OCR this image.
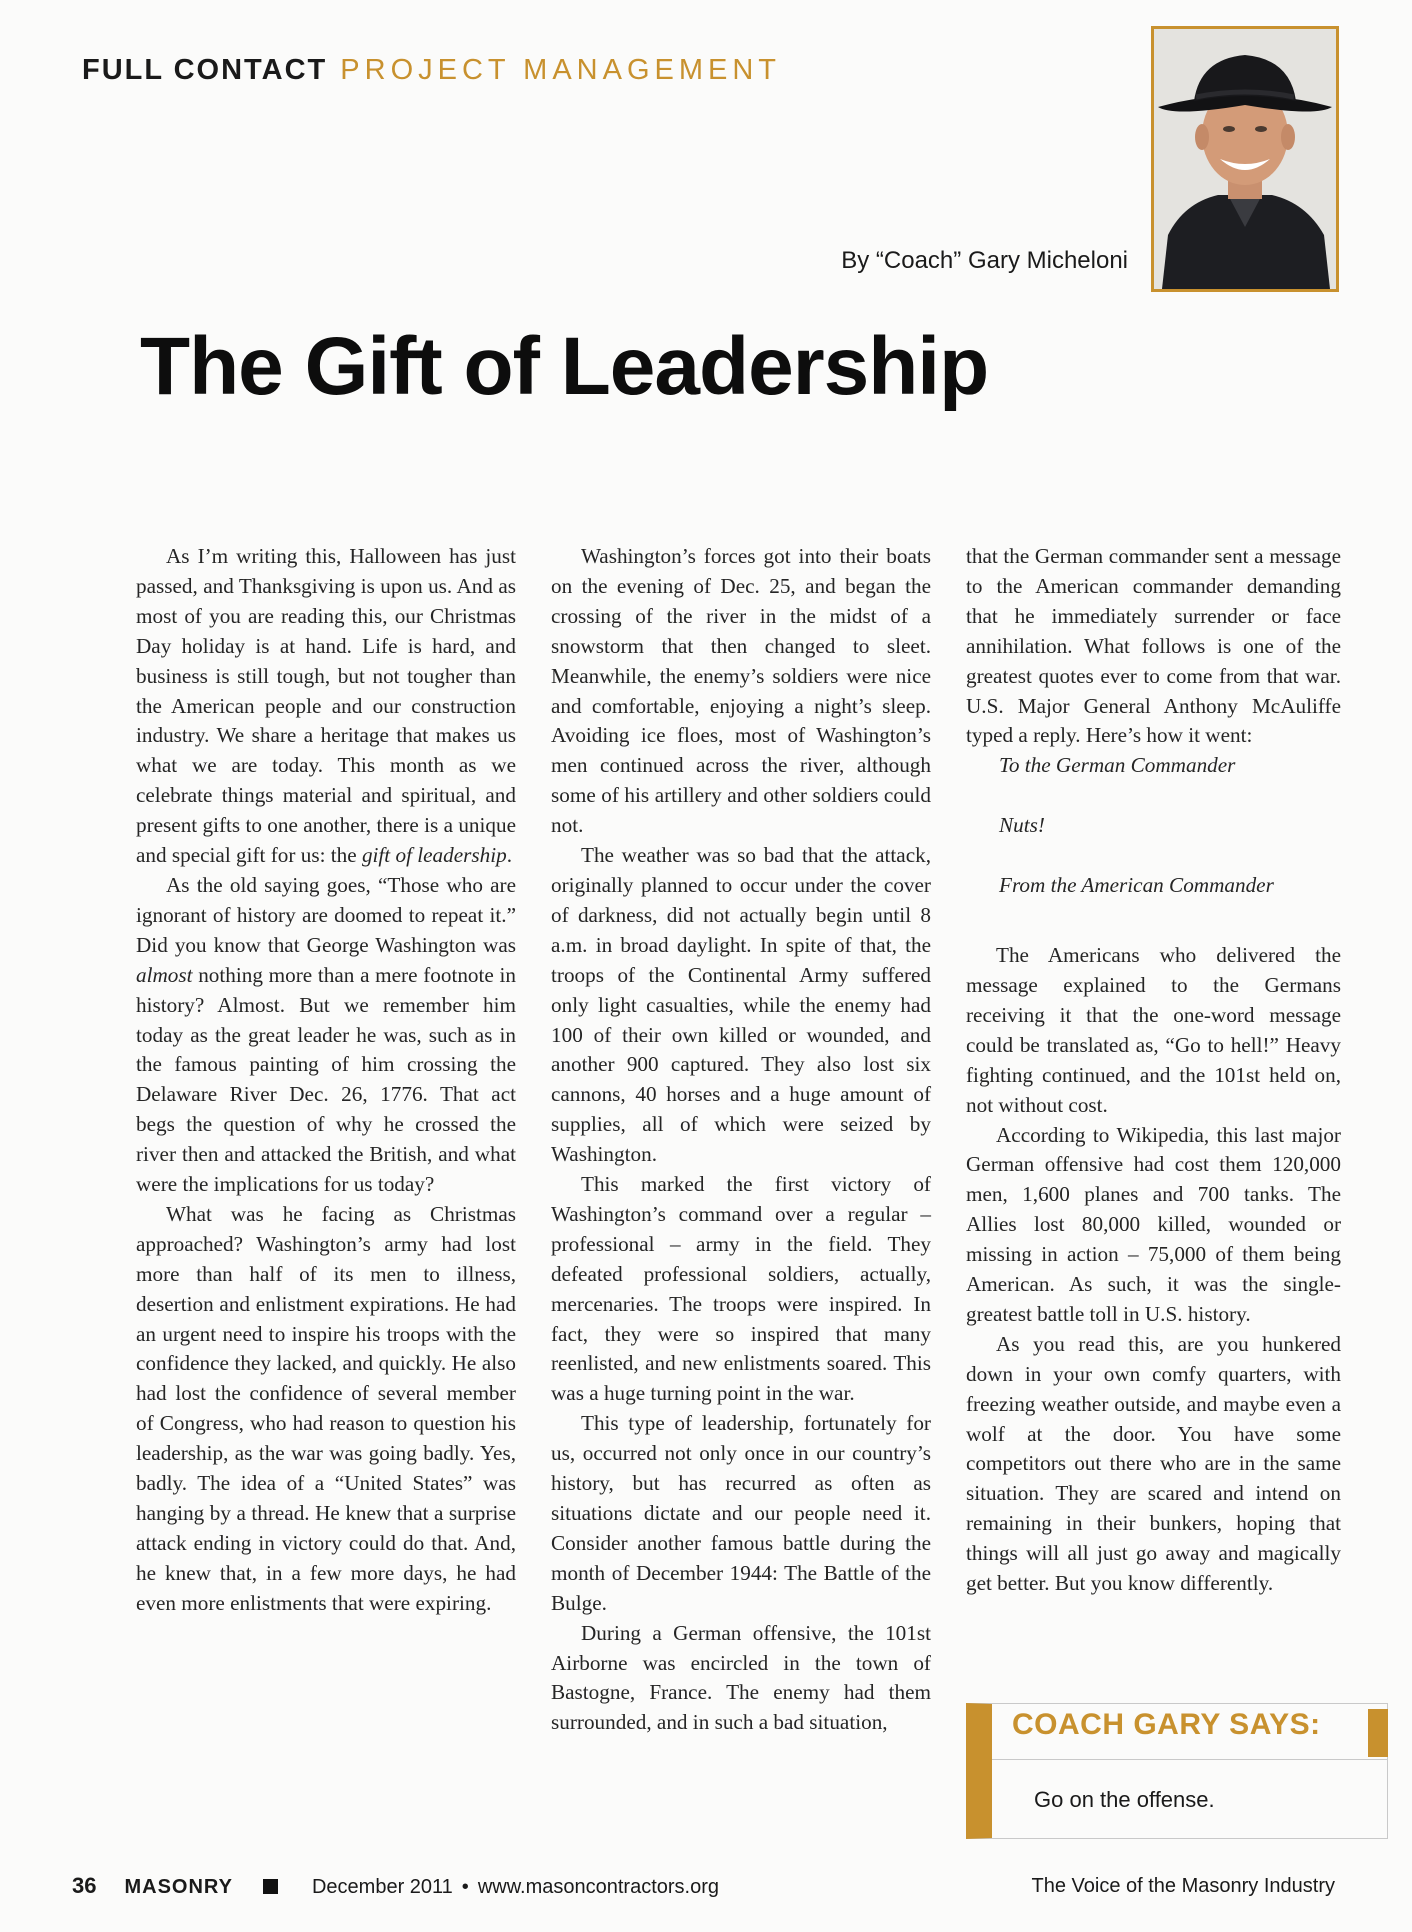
FULL CONTACT PROJECT MANAGEMENT
By “Coach” Gary Micheloni
The Gift of Leadership

As I’m writing this, Halloween has just passed, and Thanksgiving is upon us. And as most of you are reading this, our Christmas Day holiday is at hand. Life is hard, and business is still tough, but not tougher than the American people and our construction industry. We share a heritage that makes us what we are today. This month as we celebrate things material and spiritual, and present gifts to one another, there is a unique and special gift for us: the gift of leadership.

As the old saying goes, “Those who are ignorant of history are doomed to repeat it.” Did you know that George Washington was almost nothing more than a mere footnote in history? Almost. But we remember him today as the great leader he was, such as in the famous painting of him crossing the Delaware River Dec. 26, 1776. That act begs the question of why he crossed the river then and attacked the British, and what were the implications for us today?

What was he facing as Christmas approached? Washington’s army had lost more than half of its men to illness, desertion and enlistment expirations. He had an urgent need to inspire his troops with the confidence they lacked, and quickly. He also had lost the confidence of several member of Congress, who had reason to question his leadership, as the war was going badly. Yes, badly. The idea of a “United States” was hanging by a thread. He knew that a surprise attack ending in victory could do that. And, he knew that, in a few more days, he had even more enlistments that were expiring.

Washington’s forces got into their boats on the evening of Dec. 25, and began the crossing of the river in the midst of a snowstorm that then changed to sleet. Meanwhile, the enemy’s soldiers were nice and comfortable, enjoying a night’s sleep. Avoiding ice floes, most of Washington’s men continued across the river, although some of his artillery and other soldiers could not.

The weather was so bad that the attack, originally planned to occur under the cover of darkness, did not actually begin until 8 a.m. in broad daylight. In spite of that, the troops of the Continental Army suffered only light casualties, while the enemy had 100 of their own killed or wounded, and another 900 captured. They also lost six cannons, 40 horses and a huge amount of supplies, all of which were seized by Washington.

This marked the first victory of Washington’s command over a regular – professional – army in the field. They defeated professional soldiers, actually, mercenaries. The troops were inspired. In fact, they were so inspired that many reenlisted, and new enlistments soared. This was a huge turning point in the war.

This type of leadership, fortunately for us, occurred not only once in our country’s history, but has recurred as often as situations dictate and our people need it. Consider another famous battle during the month of December 1944: The Battle of the Bulge.

During a German offensive, the 101st Airborne was encircled in the town of Bastogne, France. The enemy had them surrounded, and in such a bad situation,

that the German commander sent a message to the American commander demanding that he immediately surrender or face annihilation. What follows is one of the greatest quotes ever to come from that war. U.S. Major General Anthony McAuliffe typed a reply. Here’s how it went:

To the German Commander

Nuts!

From the American Commander

The Americans who delivered the message explained to the Germans receiving it that the one-word message could be translated as, “Go to hell!” Heavy fighting continued, and the 101st held on, not without cost.

According to Wikipedia, this last major German offensive had cost them 120,000 men, 1,600 planes and 700 tanks. The Allies lost 80,000 killed, wounded or missing in action – 75,000 of them being American. As such, it was the single-greatest battle toll in U.S. history.

As you read this, are you hunkered down in your own comfy quarters, with freezing weather outside, and maybe even a wolf at the door. You have some competitors out there who are in the same situation. They are scared and intend on remaining in their bunkers, hoping that things will all just go away and magically get better. But you know differently.

COACH GARY SAYS:
Go on the offense.
36 MASONRY	December 2011 • www.masoncontractors.org	The Voice of the Masonry Industry
